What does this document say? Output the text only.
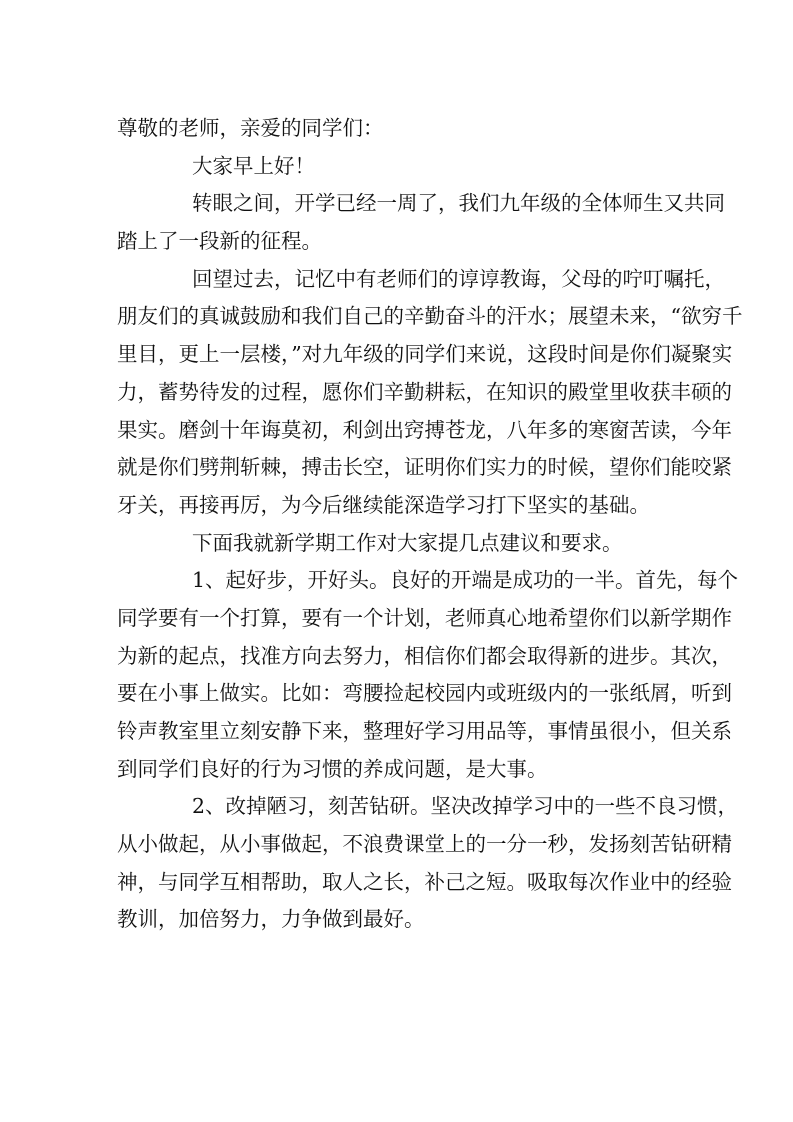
尊敬的老师，亲爱的同学们：
大家早上好！
转眼之间，开学已经一周了，我们九年级的全体师生又共同
踏上了一段新的征程。
回望过去，记忆中有老师们的谆谆教诲，父母的咛叮嘱托，
朋友们的真诚鼓励和我们自己的辛勤奋斗的汗水；展望未来，“欲穷千
里目，更上一层楼，”对九年级的同学们来说，这段时间是你们凝聚实
力，蓄势待发的过程，愿你们辛勤耕耘，在知识的殿堂里收获丰硕的
果实。磨剑十年诲莫初，利剑出窍搏苍龙，八年多的寒窗苦读，今年
就是你们劈荆斩棘，搏击长空，证明你们实力的时候，望你们能咬紧
牙关，再接再厉，为今后继续能深造学习打下坚实的基础。
下面我就新学期工作对大家提几点建议和要求。
1、起好步，开好头。良好的开端是成功的一半。首先，每个
同学要有一个打算，要有一个计划，老师真心地希望你们以新学期作
为新的起点，找准方向去努力，相信你们都会取得新的进步。其次，
要在小事上做实。比如：弯腰捡起校园内或班级内的一张纸屑，听到
铃声教室里立刻安静下来，整理好学习用品等，事情虽很小，但关系
到同学们良好的行为习惯的养成问题，是大事。
2、改掉陋习，刻苦钻研。坚决改掉学习中的一些不良习惯，
从小做起，从小事做起，不浪费课堂上的一分一秒，发扬刻苦钻研精
神，与同学互相帮助，取人之长，补己之短。吸取每次作业中的经验
教训，加倍努力，力争做到最好。
